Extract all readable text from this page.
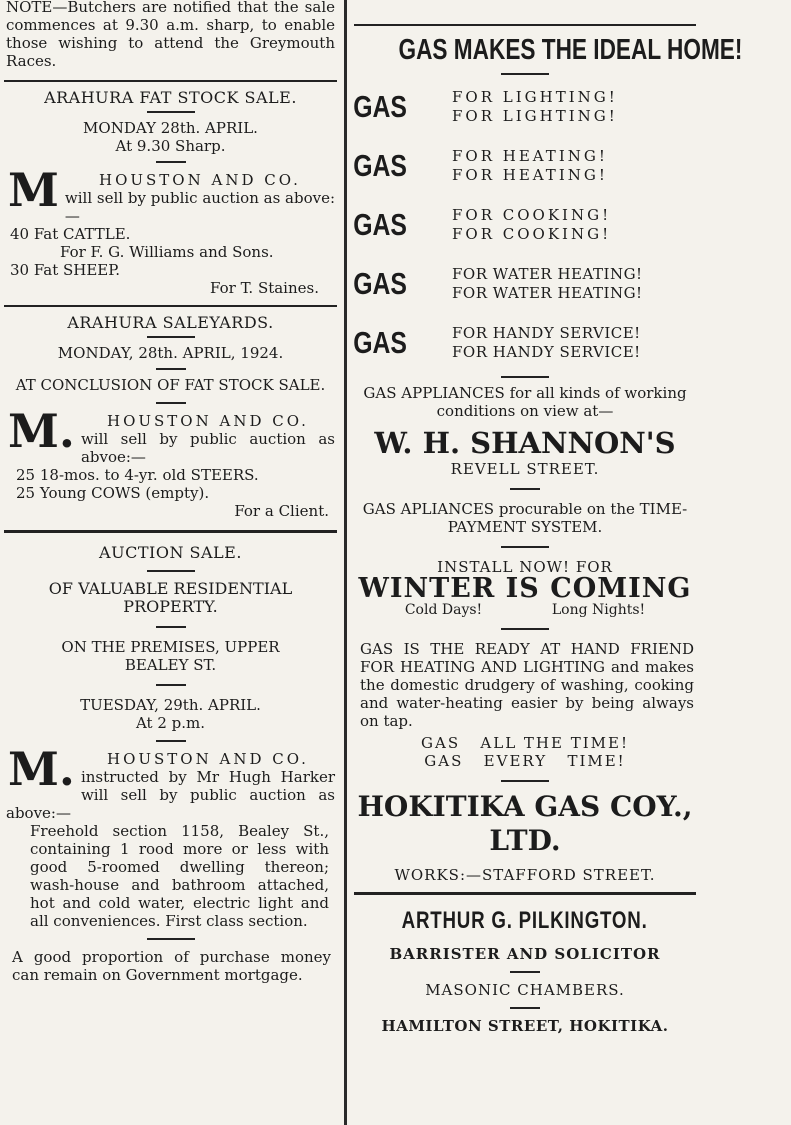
NOTE—Butchers are notified that the sale commences at 9.30 a.m. sharp, to enable those wishing to attend the Greymouth Races.

ARAHURA FAT STOCK SALE.

MONDAY 28th. APRIL.

At 9.30 Sharp.

M	HOUSTON AND CO.

will sell by public auction as above:—

40 Fat CATTLE.

For F. G. Williams and Sons.

30 Fat SHEEP.

For T. Staines.

ARAHURA SALEYARDS.

MONDAY, 28th. APRIL, 1924.

AT CONCLUSION OF FAT STOCK SALE.

M.	HOUSTON AND CO.

will sell by public auction as abvoe:—

25 18-mos. to 4-yr. old STEERS.

25 Young COWS (empty).

For a Client.

AUCTION SALE.

OF VALUABLE RESIDENTIAL PROPERTY.

ON THE PREMISES, UPPER BEALEY ST.

TUESDAY, 29th. APRIL.

At 2 p.m.

M.	HOUSTON AND CO.

instructed by Mr Hugh Harker will sell by public auction as above:—

Freehold section 1158, Bealey St., containing 1 rood more or less with good 5-roomed dwelling thereon; wash-house and bathroom attached, hot and cold water, electric light and all conveniences. First class section.

A good proportion of purchase money can remain on Government mortgage.

GAS MAKES THE IDEAL HOME!
GAS	FOR LIGHTING!
FOR LIGHTING!
GAS	FOR HEATING!
FOR HEATING!
GAS	FOR COOKING!
FOR COOKING!
GAS	FOR WATER HEATING!
FOR WATER HEATING!
GAS	FOR HANDY SERVICE!
FOR HANDY SERVICE!

GAS APPLIANCES for all kinds of working conditions on view at—

W. H. SHANNON'S

REVELL STREET.

GAS APLIANCES procurable on the TIME-PAYMENT SYSTEM.

INSTALL NOW! FOR

WINTER IS COMING

Cold Days!	Long Nights!

GAS IS THE READY AT HAND FRIEND FOR HEATING AND LIGHTING and makes the domestic drudgery of washing, cooking and water-heating easier by being always on tap.

GAS   ALL THE TIME!

GAS   EVERY   TIME!

HOKITIKA GAS COY.,

LTD.

WORKS:—STAFFORD STREET.

ARTHUR G. PILKINGTON.

BARRISTER AND SOLICITOR

MASONIC CHAMBERS.

HAMILTON STREET, HOKITIKA.
